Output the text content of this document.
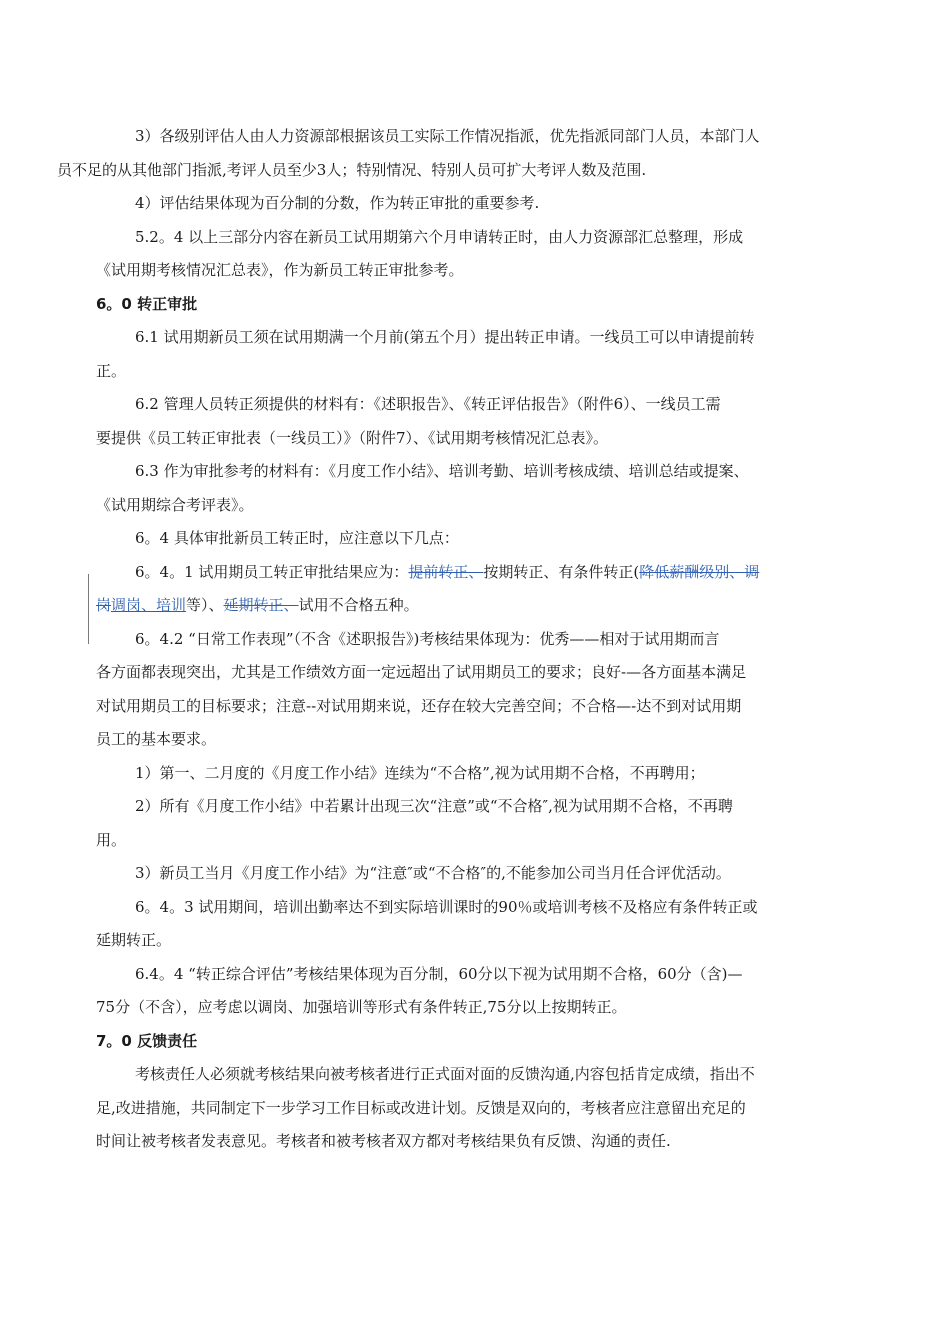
3）各级别评估人由人力资源部根据该员工实际工作情况指派，优先指派同部门人员，本部门人
员不足的从其他部门指派,考评人员至少3人；特别情况、特别人员可扩大考评人数及范围.

4）评估结果体现为百分制的分数，作为转正审批的重要参考.

5.2。4 以上三部分内容在新员工试用期第六个月申请转正时，由人力资源部汇总整理，形成
《试用期考核情况汇总表》，作为新员工转正审批参考。

6。0 转正审批

6.1 试用期新员工须在试用期满一个月前(第五个月）提出转正申请。一线员工可以申请提前转
正。

6.2 管理人员转正须提供的材料有：《述职报告》、《转正评估报告》（附件6）、一线员工需
要提供《员工转正审批表（一线员工）》（附件7）、《试用期考核情况汇总表》。

6.3 作为审批参考的材料有：《月度工作小结》、培训考勤、培训考核成绩、培训总结或提案、
《试用期综合考评表》。

6。4 具体审批新员工转正时，应注意以下几点：

6。4。1 试用期员工转正审批结果应为：提前转正、按期转正、有条件转正(降低薪酬级别、调
岗调岗、培训等）、延期转正、试用不合格五种。

6。4.2 “日常工作表现”（不含《述职报告》)考核结果体现为：优秀——相对于试用期而言
各方面都表现突出，尤其是工作绩效方面一定远超出了试用期员工的要求；良好-—各方面基本满足
对试用期员工的目标要求；注意--对试用期来说，还存在较大完善空间；不合格—-达不到对试用期
员工的基本要求。

1）第一、二月度的《月度工作小结》连续为“不合格”,视为试用期不合格，不再聘用；

2）所有《月度工作小结》中若累计出现三次“注意”或“不合格″,视为试用期不合格，不再聘
用。

3）新员工当月《月度工作小结》为“注意″或“不合格″的,不能参加公司当月任合评优活动。

6。4。3 试用期间，培训出勤率达不到实际培训课时的90％或培训考核不及格应有条件转正或
延期转正。

6.4。4 “转正综合评估”考核结果体现为百分制，60分以下视为试用期不合格，60分（含)—
75分（不含），应考虑以调岗、加强培训等形式有条件转正,75分以上按期转正。

7。0 反馈责任

考核责任人必须就考核结果向被考核者进行正式面对面的反馈沟通,内容包括肯定成绩，指出不
足,改进措施，共同制定下一步学习工作目标或改进计划。反馈是双向的，考核者应注意留出充足的
时间让被考核者发表意见。考核者和被考核者双方都对考核结果负有反馈、沟通的责任.
